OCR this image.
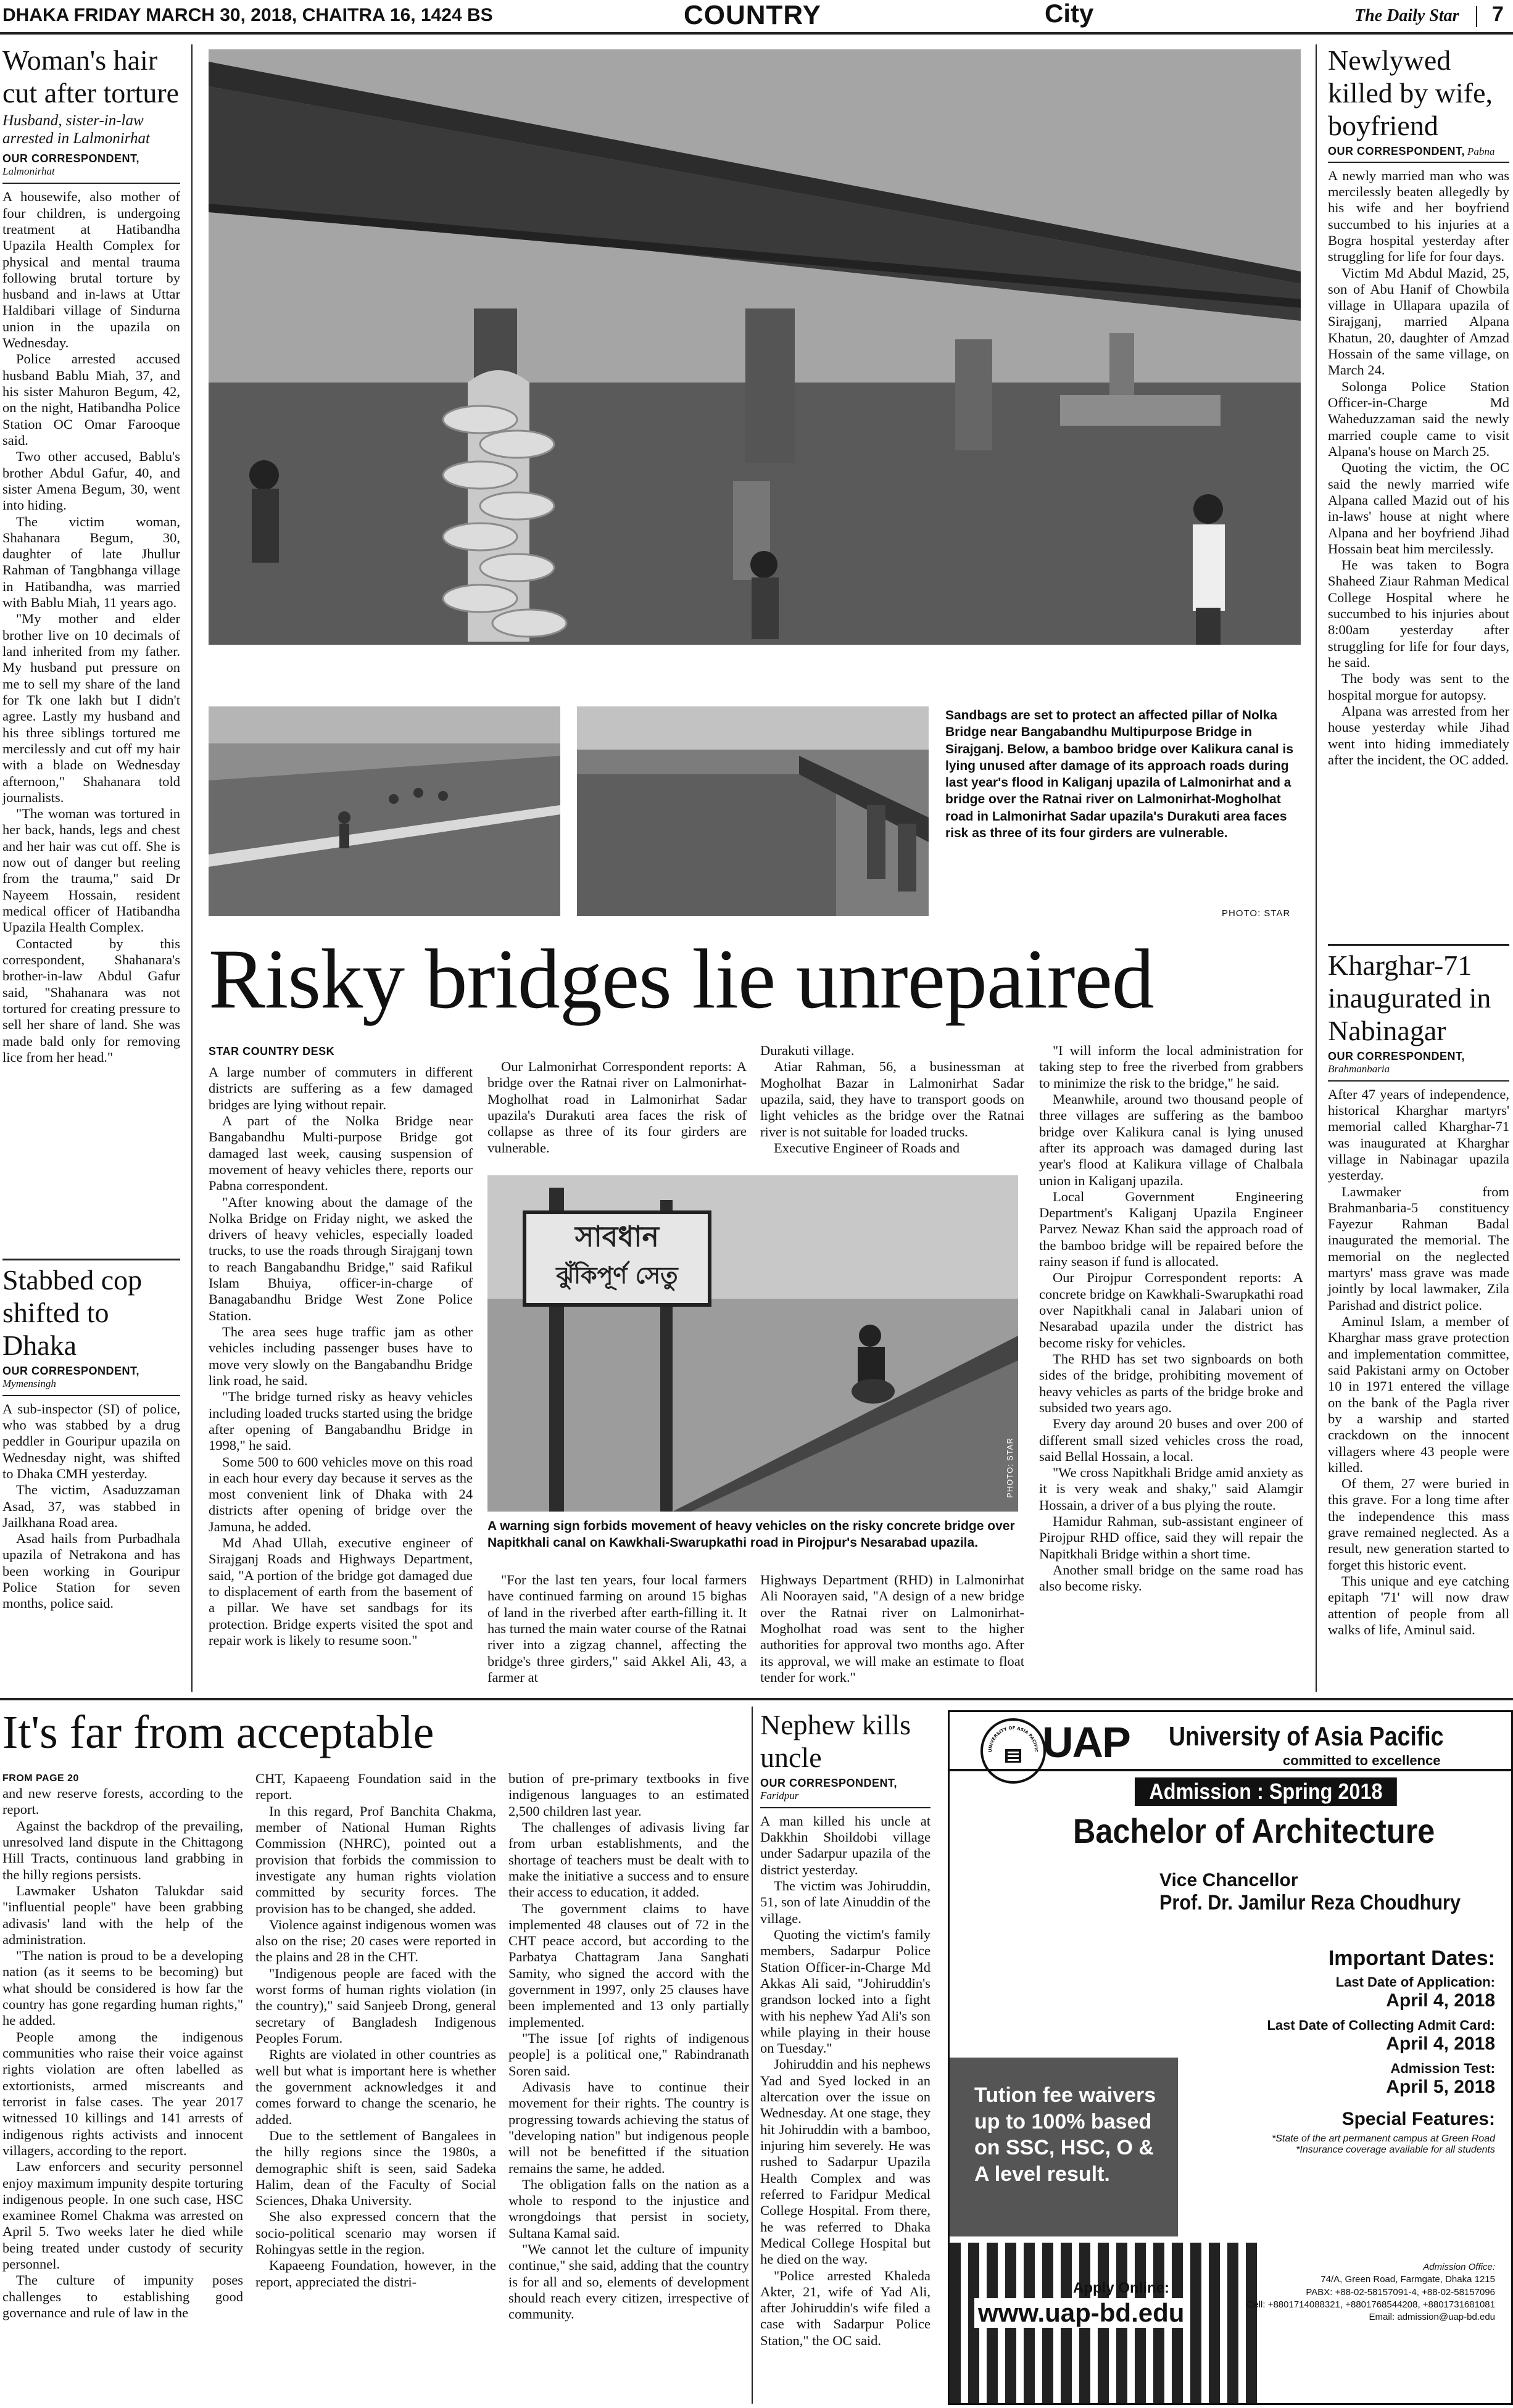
DHAKA FRIDAY MARCH 30, 2018, CHAITRA 16, 1424 BS	COUNTRY	City	The Daily Star 7
Woman's hair cut after torture
Husband, sister-in-law arrested in Lalmonirhat
OUR CORRESPONDENT,
Lalmonirhat

A housewife, also mother of four children, is undergoing treatment at Hatibandha Upazila Health Complex for physical and mental trauma following brutal torture by husband and in-laws at Uttar Haldibari village of Sindurna union in the upazila on Wednesday.

Police arrested accused husband Bablu Miah, 37, and his sister Mahuron Begum, 42, on the night, Hatibandha Police Station OC Omar Farooque said.

Two other accused, Bablu's brother Abdul Gafur, 40, and sister Amena Begum, 30, went into hiding.

The victim woman, Shahanara Begum, 30, daughter of late Jhullur Rahman of Tangbhanga village in Hatibandha, was married with Bablu Miah, 11 years ago.

"My mother and elder brother live on 10 decimals of land inherited from my father. My husband put pressure on me to sell my share of the land for Tk one lakh but I didn't agree. Lastly my husband and his three siblings tortured me mercilessly and cut off my hair with a blade on Wednesday afternoon," Shahanara told journalists.

"The woman was tortured in her back, hands, legs and chest and her hair was cut off. She is now out of danger but reeling from the trauma," said Dr Nayeem Hossain, resident medical officer of Hatibandha Upazila Health Complex.

Contacted by this correspondent, Shahanara's brother-in-law Abdul Gafur said, "Shahanara was not tortured for creating pressure to sell her share of land. She was made bald only for removing lice from her head."

Stabbed cop shifted to Dhaka
OUR CORRESPONDENT,
Mymensingh

A sub-inspector (SI) of police, who was stabbed by a drug peddler in Gouripur upazila on Wednesday night, was shifted to Dhaka CMH yesterday.

The victim, Asaduzzaman Asad, 37, was stabbed in Jailkhana Road area.

Asad hails from Purbadhala upazila of Netrakona and has been working in Gouripur Police Station for seven months, police said.

Sandbags are set to protect an affected pillar of Nolka Bridge near Bangabandhu Multipurpose Bridge in Sirajganj. Below, a bamboo bridge over Kalikura canal is lying unused after damage of its approach roads during last year's flood in Kaliganj upazila of Lalmonirhat and a bridge over the Ratnai river on Lalmonirhat-Mogholhat road in Lalmonirhat Sadar upazila's Durakuti area faces risk as three of its four girders are vulnerable.
PHOTO: STAR
Newlywed killed by wife, boyfriend
OUR CORRESPONDENT, Pabna

A newly married man who was mercilessly beaten allegedly by his wife and her boyfriend succumbed to his injuries at a Bogra hospital yesterday after struggling for life for four days.

Victim Md Abdul Mazid, 25, son of Abu Hanif of Chowbila village in Ullapara upazila of Sirajganj, married Alpana Khatun, 20, daughter of Amzad Hossain of the same village, on March 24.

Solonga Police Station Officer-in-Charge Md Waheduzzaman said the newly married couple came to visit Alpana's house on March 25.

Quoting the victim, the OC said the newly married wife Alpana called Mazid out of his in-laws' house at night where Alpana and her boyfriend Jihad Hossain beat him mercilessly.

He was taken to Bogra Shaheed Ziaur Rahman Medical College Hospital where he succumbed to his injuries about 8:00am yesterday after struggling for life for four days, he said.

The body was sent to the hospital morgue for autopsy.

Alpana was arrested from her house yesterday while Jihad went into hiding immediately after the incident, the OC added.

Kharghar-71 inaugurated in Nabinagar
OUR CORRESPONDENT,
Brahmanbaria

After 47 years of independence, historical Kharghar martyrs' memorial called Kharghar-71 was inaugurated at Kharghar village in Nabinagar upazila yesterday.

Lawmaker from Brahmanbaria-5 constituency Fayezur Rahman Badal inaugurated the memorial. The memorial on the neglected martyrs' mass grave was made jointly by local lawmaker, Zila Parishad and district police.

Aminul Islam, a member of Kharghar mass grave protection and implementation committee, said Pakistani army on October 10 in 1971 entered the village on the bank of the Pagla river by a warship and started crackdown on the innocent villagers where 43 people were killed.

Of them, 27 were buried in this grave. For a long time after the independence this mass grave remained neglected. As a result, new generation started to forget this historic event.

This unique and eye catching epitaph '71' will now draw attention of people from all walks of life, Aminul said.

Risky bridges lie unrepaired
STAR COUNTRY DESK

A large number of commuters in different districts are suffering as a few damaged bridges are lying without repair.

A part of the Nolka Bridge near Bangabandhu Multi-purpose Bridge got damaged last week, causing suspension of movement of heavy vehicles there, reports our Pabna correspondent.

"After knowing about the damage of the Nolka Bridge on Friday night, we asked the drivers of heavy vehicles, especially loaded trucks, to use the roads through Sirajganj town to reach Bangabandhu Bridge," said Rafikul Islam Bhuiya, officer-in-charge of Banagabandhu Bridge West Zone Police Station.

The area sees huge traffic jam as other vehicles including passenger buses have to move very slowly on the Bangabandhu Bridge link road, he said.

"The bridge turned risky as heavy vehicles including loaded trucks started using the bridge after opening of Bangabandhu Bridge in 1998," he said.

Some 500 to 600 vehicles move on this road in each hour every day because it serves as the most convenient link of Dhaka with 24 districts after opening of bridge over the Jamuna, he added.

Md Ahad Ullah, executive engineer of Sirajganj Roads and Highways Department, said, "A portion of the bridge got damaged due to displacement of earth from the basement of a pillar. We have set sandbags for its protection. Bridge experts visited the spot and repair work is likely to resume soon."

Our Lalmonirhat Correspondent reports: A bridge over the Ratnai river on Lalmonirhat-Mogholhat road in Lalmonirhat Sadar upazila's Durakuti area faces the risk of collapse as three of its four girders are vulnerable.

Durakuti village.

Atiar Rahman, 56, a businessman at Mogholhat Bazar in Lalmonirhat Sadar upazila, said, they have to transport goods on light vehicles as the bridge over the Ratnai river is not suitable for loaded trucks.

Executive Engineer of Roads and

সাবধান
ঝুঁকিপূর্ণ সেতু
PHOTO: STAR
A warning sign forbids movement of heavy vehicles on the risky concrete bridge over Napitkhali canal on Kawkhali-Swarupkathi road in Pirojpur's Nesarabad upazila.

"For the last ten years, four local farmers have continued farming on around 15 bighas of land in the riverbed after earth-filling it. It has turned the main water course of the Ratnai river into a zigzag channel, affecting the bridge's three girders," said Akkel Ali, 43, a farmer at

Highways Department (RHD) in Lalmonirhat Ali Noorayen said, "A design of a new bridge over the Ratnai river on Lalmonirhat-Mogholhat road was sent to the higher authorities for approval two months ago. After its approval, we will make an estimate to float tender for work."

"I will inform the local administration for taking step to free the riverbed from grabbers to minimize the risk to the bridge," he said.

Meanwhile, around two thousand people of three villages are suffering as the bamboo bridge over Kalikura canal is lying unused after its approach was damaged during last year's flood at Kalikura village of Chalbala union in Kaliganj upazila.

Local Government Engineering Department's Kaliganj Upazila Engineer Parvez Newaz Khan said the approach road of the bamboo bridge will be repaired before the rainy season if fund is allocated.

Our Pirojpur Correspondent reports: A concrete bridge on Kawkhali-Swarupkathi road over Napitkhali canal in Jalabari union of Nesarabad upazila under the district has become risky for vehicles.

The RHD has set two signboards on both sides of the bridge, prohibiting movement of heavy vehicles as parts of the bridge broke and subsided two years ago.

Every day around 20 buses and over 200 of different small sized vehicles cross the road, said Bellal Hossain, a local.

"We cross Napitkhali Bridge amid anxiety as it is very weak and shaky," said Alamgir Hossain, a driver of a bus plying the route.

Hamidur Rahman, sub-assistant engineer of Pirojpur RHD office, said they will repair the Napitkhali Bridge within a short time.

Another small bridge on the same road has also become risky.

It's far from acceptable
FROM PAGE 20

and new reserve forests, according to the report.

Against the backdrop of the prevailing, unresolved land dispute in the Chittagong Hill Tracts, continuous land grabbing in the hilly regions persists.

Lawmaker Ushaton Talukdar said "influential people" have been grabbing adivasis' land with the help of the administration.

"The nation is proud to be a developing nation (as it seems to be becoming) but what should be considered is how far the country has gone regarding human rights," he added.

People among the indigenous communities who raise their voice against rights violation are often labelled as extortionists, armed miscreants and terrorist in false cases. The year 2017 witnessed 10 killings and 141 arrests of indigenous rights activists and innocent villagers, according to the report.

Law enforcers and security personnel enjoy maximum impunity despite torturing indigenous people. In one such case, HSC examinee Romel Chakma was arrested on April 5. Two weeks later he died while being treated under custody of security personnel.

The culture of impunity poses challenges to establishing good governance and rule of law in the

CHT, Kapaeeng Foundation said in the report.

In this regard, Prof Banchita Chakma, member of National Human Rights Commission (NHRC), pointed out a provision that forbids the commission to investigate any human rights violation committed by security forces. The provision has to be changed, she added.

Violence against indigenous women was also on the rise; 20 cases were reported in the plains and 28 in the CHT.

"Indigenous people are faced with the worst forms of human rights violation (in the country)," said Sanjeeb Drong, general secretary of Bangladesh Indigenous Peoples Forum.

Rights are violated in other countries as well but what is important here is whether the government acknowledges it and comes forward to change the scenario, he added.

Due to the settlement of Bangalees in the hilly regions since the 1980s, a demographic shift is seen, said Sadeka Halim, dean of the Faculty of Social Sciences, Dhaka University.

She also expressed concern that the socio-political scenario may worsen if Rohingyas settle in the region.

Kapaeeng Foundation, however, in the report, appreciated the distri-

bution of pre-primary textbooks in five indigenous languages to an estimated 2,500 children last year.

The challenges of adivasis living far from urban establishments, and the shortage of teachers must be dealt with to make the initiative a success and to ensure their access to education, it added.

The government claims to have implemented 48 clauses out of 72 in the CHT peace accord, but according to the Parbatya Chattagram Jana Sanghati Samity, who signed the accord with the government in 1997, only 25 clauses have been implemented and 13 only partially implemented.

"The issue [of rights of indigenous people] is a political one," Rabindranath Soren said.

Adivasis have to continue their movement for their rights. The country is progressing towards achieving the status of "developing nation" but indigenous people will not be benefitted if the situation remains the same, he added.

The obligation falls on the nation as a whole to respond to the injustice and wrongdoings that persist in society, Sultana Kamal said.

"We cannot let the culture of impunity continue," she said, adding that the country is for all and so, elements of development should reach every citizen, irrespective of community.

Nephew kills uncle
OUR CORRESPONDENT,
Faridpur

A man killed his uncle at Dakkhin Shoildobi village under Sadarpur upazila of the district yesterday.

The victim was Johiruddin, 51, son of late Ainuddin of the village.

Quoting the victim's family members, Sadarpur Police Station Officer-in-Charge Md Akkas Ali said, "Johiruddin's grandson locked into a fight with his nephew Yad Ali's son while playing in their house on Tuesday."

Johiruddin and his nephews Yad and Syed locked in an altercation over the issue on Wednesday. At one stage, they hit Johiruddin with a bamboo, injuring him severely. He was rushed to Sadarpur Upazila Health Complex and was referred to Faridpur Medical College Hospital. From there, he was referred to Dhaka Medical College Hospital but he died on the way.

"Police arrested Khaleda Akter, 21, wife of Yad Ali, after Johiruddin's wife filed a case with Sadarpur Police Station," the OC said.

UNIVERSITY OF ASIA PACIFIC UAP University of Asia Pacific
committed to excellence
Admission : Spring 2018
Bachelor of Architecture
Vice Chancellor
Prof. Dr. Jamilur Reza Choudhury
Important Dates:
Last Date of Application:
April 4, 2018
Last Date of Collecting Admit Card:
April 4, 2018
Admission Test:
April 5, 2018
Special Features:
*State of the art permanent campus at Green Road
*Insurance coverage available for all students
Tution fee waivers up to 100% based on SSC, HSC, O & A level result.
Apply Online:
www.uap-bd.edu
Admission Office:
74/A, Green Road, Farmgate, Dhaka 1215
PABX: +88-02-58157091-4, +88-02-58157096
Cell: +8801714088321, +8801768544208, +8801731681081
Email: admission@uap-bd.edu
